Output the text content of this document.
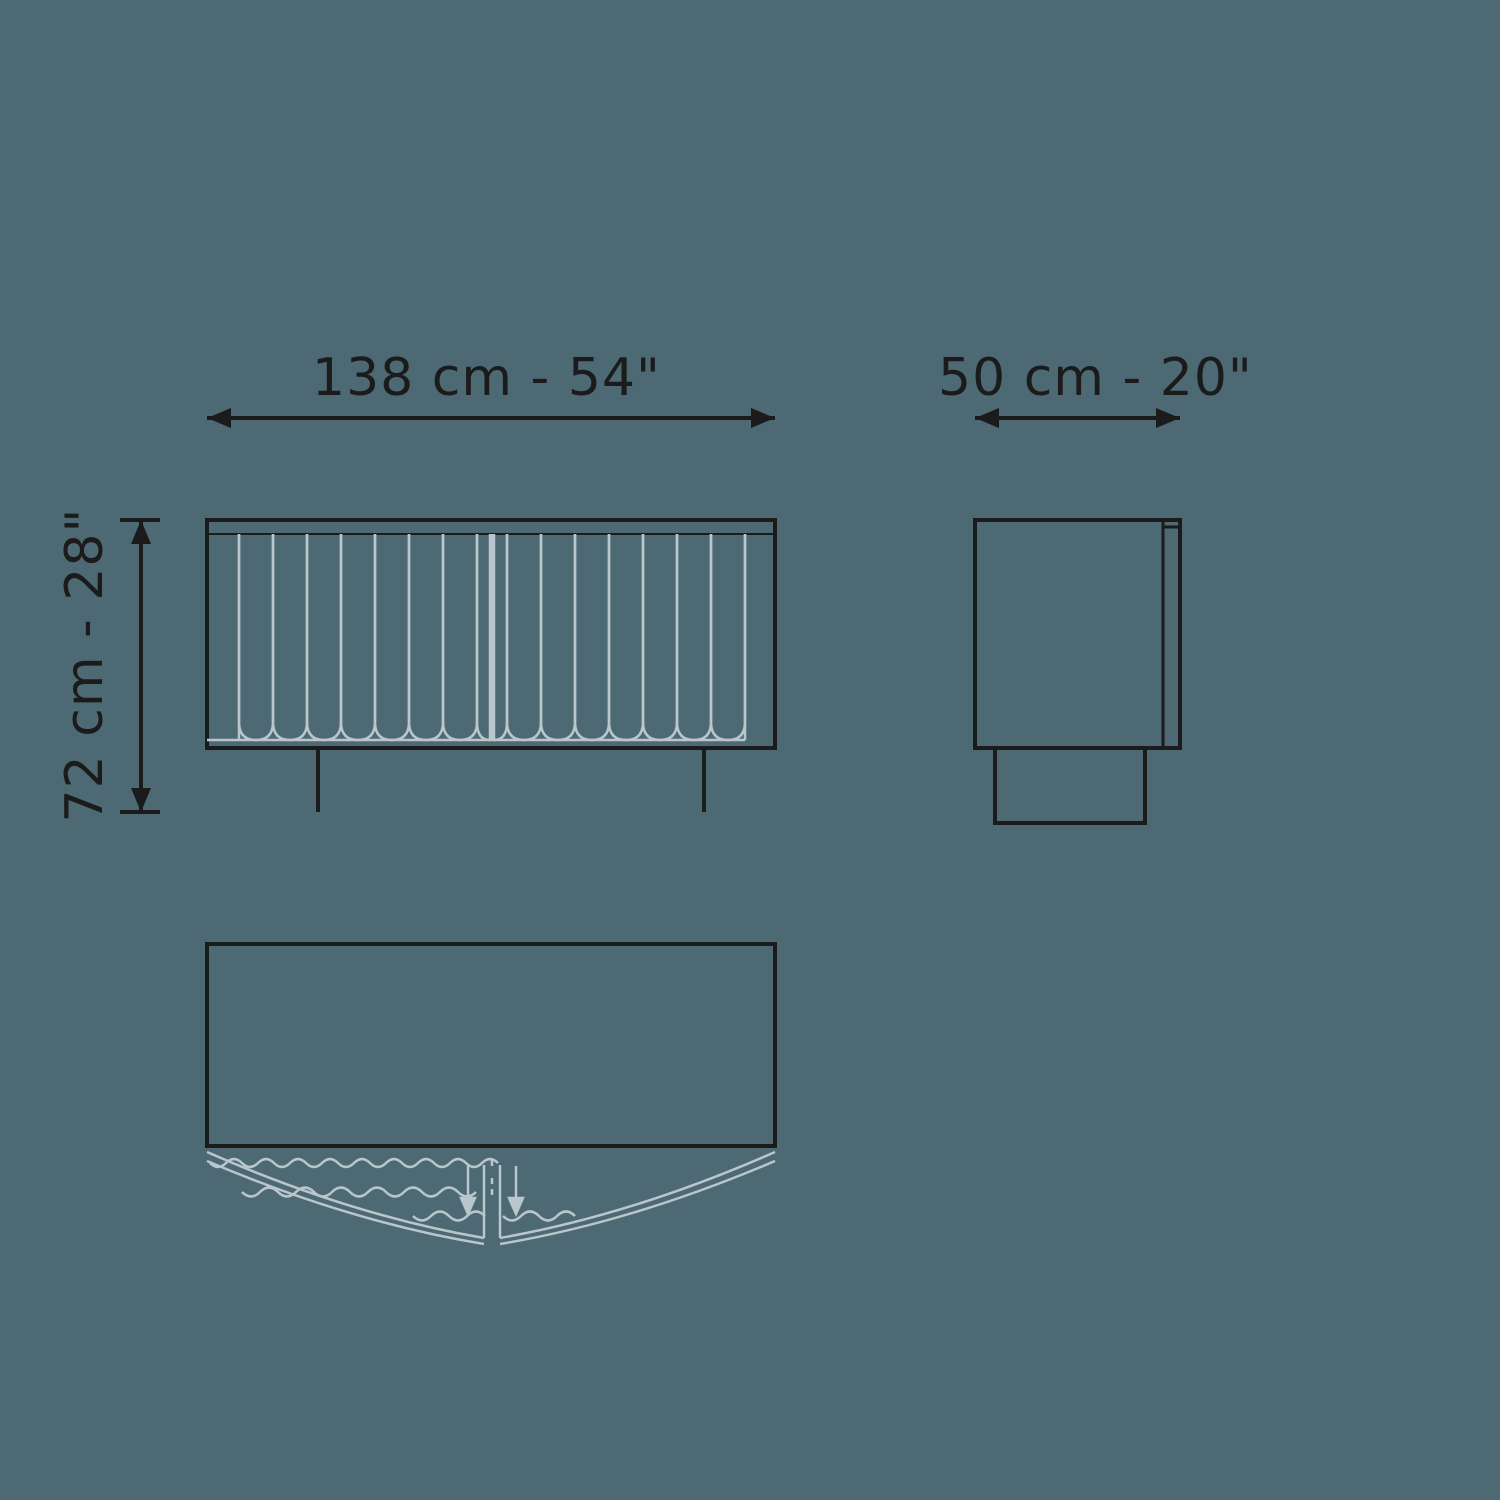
138 cm - 54"	50 cm - 20"
72 cm - 28"
